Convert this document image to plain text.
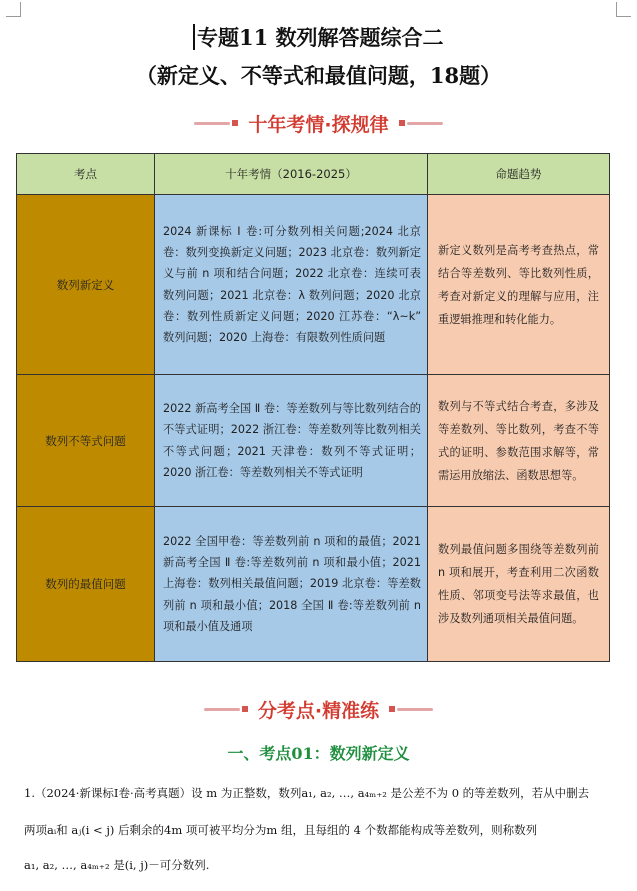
专题11 数列解答题综合二
（新定义、不等式和最值问题，18题）
十年考情·探规律
考点	十年考情（2016-2025）	命题趋势
数列新定义	2024 新课标 Ⅰ 卷:可分数列相关问题;2024 北京卷：数列变换新定义问题；2023 北京卷：数列新定义与前 n 项和结合问题；2022 北京卷：连续可表数列问题；2021 北京卷：λ 数列问题；2020 北京卷：数列性质新定义问题；2020 江苏卷：“λ~k” 数列问题；2020 上海卷：有限数列性质问题	新定义数列是高考考查热点，常结合等差数列、等比数列性质，考查对新定义的理解与应用，注重逻辑推理和转化能力。
数列不等式问题	2022 新高考全国 Ⅱ 卷：等差数列与等比数列结合的不等式证明；2022 浙江卷：等差数列等比数列相关不等式问题；2021 天津卷：数列不等式证明；2020 浙江卷：等差数列相关不等式证明	数列与不等式结合考查，多涉及等差数列、等比数列，考查不等式的证明、参数范围求解等，常需运用放缩法、函数思想等。
数列的最值问题	2022 全国甲卷：等差数列前 n 项和的最值；2021 新高考全国 Ⅱ 卷:等差数列前 n 项和最小值；2021 上海卷：数列相关最值问题；2019 北京卷：等差数列前 n 项和最小值；2018 全国 Ⅱ 卷:等差数列前 n 项和最小值及通项	数列最值问题多围绕等差数列前 n 项和展开，考查利用二次函数性质、邻项变号法等求最值，也涉及数列通项相关最值问题。
分考点·精准练
一、考点01：数列新定义
1.（2024·新课标Ⅰ卷·高考真题）设 m 为正整数，数列a₁, a₂, …, a₄ₘ₊₂ 是公差不为 0 的等差数列，若从中删去
两项aᵢ和 aⱼ(i < j) 后剩余的4m 项可被平均分为m 组，且每组的 4 个数都能构成等差数列，则称数列
a₁, a₂, …, a₄ₘ₊₂ 是(i, j)－可分数列.
